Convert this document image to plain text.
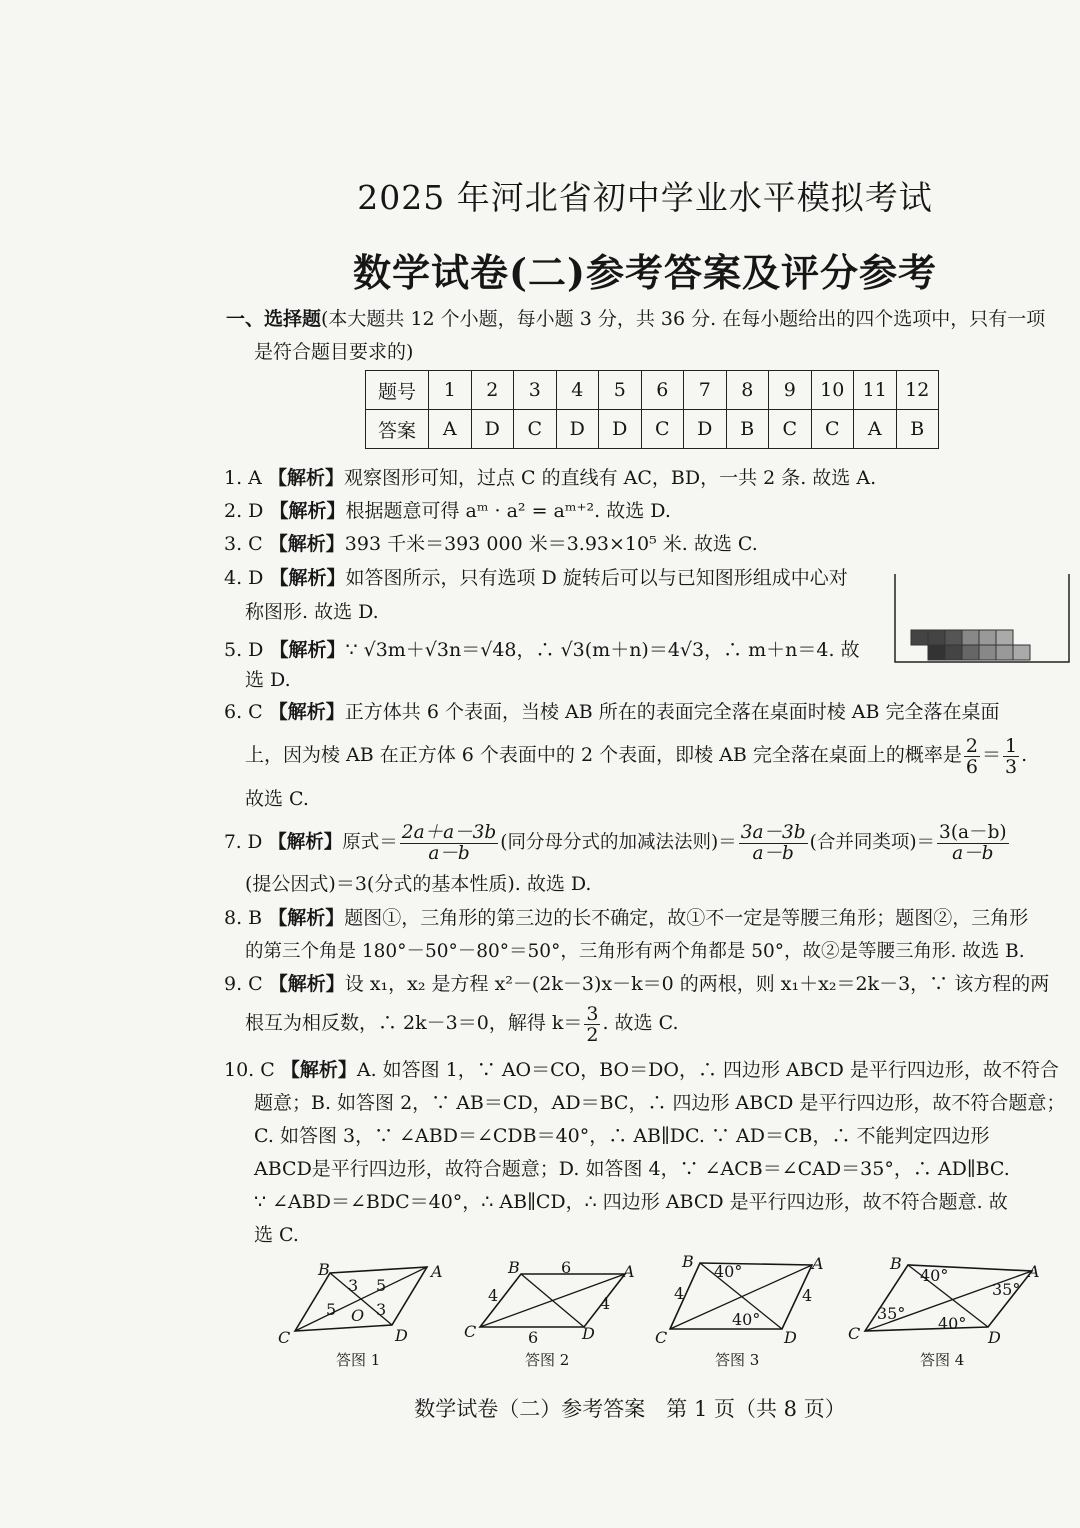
2025 年河北省初中学业水平模拟考试
数学试卷(二)参考答案及评分参考
一、选择题(本大题共 12 个小题，每小题 3 分，共 36 分. 在每小题给出的四个选项中，只有一项
是符合题目要求的)
题号	1	2	3	4	5	6	7	8	9	10	11	12
答案	A	D	C	D	D	C	D	B	C	C	A	B
1. A 【解析】观察图形可知，过点 C 的直线有 AC，BD，一共 2 条. 故选 A.
2. D 【解析】根据题意可得 aᵐ · a² = aᵐ⁺². 故选 D.
3. C 【解析】393 千米＝393 000 米＝3.93×10⁵ 米. 故选 C.
4. D 【解析】如答图所示，只有选项 D 旋转后可以与已知图形组成中心对
称图形. 故选 D.
5. D 【解析】∵ √3m＋√3n＝√48，∴ √3(m＋n)＝4√3，∴ m＋n＝4. 故
选 D.
6. C 【解析】正方体共 6 个表面，当棱 AB 所在的表面完全落在桌面时棱 AB 完全落在桌面
上，因为棱 AB 在正方体 6 个表面中的 2 个表面，即棱 AB 完全落在桌面上的概率是 $\frac{2}{6} = \frac{1}{3}$ .
故选 C.
7. D 【解析】原式＝ $\frac{2a+a-3b}{a-b}$ (同分母分式的加减法法则)＝ $\frac{3a-3b}{a-b}$ (合并同类项)＝ $\frac{3(a-b)}{a-b}$
(提公因式)＝3(分式的基本性质). 故选 D.
8. B 【解析】题图①，三角形的第三边的长不确定，故①不一定是等腰三角形；题图②，三角形
的第三个角是 180°－50°－80°＝50°，三角形有两个角都是 50°，故②是等腰三角形. 故选 B.
9. C 【解析】设 x₁，x₂ 是方程 x²－(2k－3)x－k＝0 的两根，则 x₁＋x₂＝2k－3，∵ 该方程的两
根互为相反数，∴ 2k－3＝0，解得 $k= \frac{3}{2}$ . 故选 C.
10. C 【解析】A. 如答图 1，∵ AO＝CO，BO＝DO，∴ 四边形 ABCD 是平行四边形，故不符合
题意；B. 如答图 2，∵ AB＝CD，AD＝BC，∴ 四边形 ABCD 是平行四边形，故不符合题意；
C. 如答图 3，∵ ∠ABD＝∠CDB＝40°，∴ AB∥DC. ∵ AD＝CB，∴ 不能判定四边形
ABCD是平行四边形，故符合题意；D. 如答图 4，∵ ∠ACB＝∠CAD＝35°，∴ AD∥BC.
∵ ∠ABD＝∠BDC＝40°，∴ AB∥CD，∴ 四边形 ABCD 是平行四边形，故不符合题意. 故
选 C.
B	A
C	D
O
3 5
5 3
答图 1
B	A
C	D
6
6
4	4
答图 2
B	A
C	D
4	4
40°
40°
答图 3
B	A
C	D
40°
35°
35°
40°
答图 4
数学试卷（二）参考答案　第 1 页（共 8 页）
